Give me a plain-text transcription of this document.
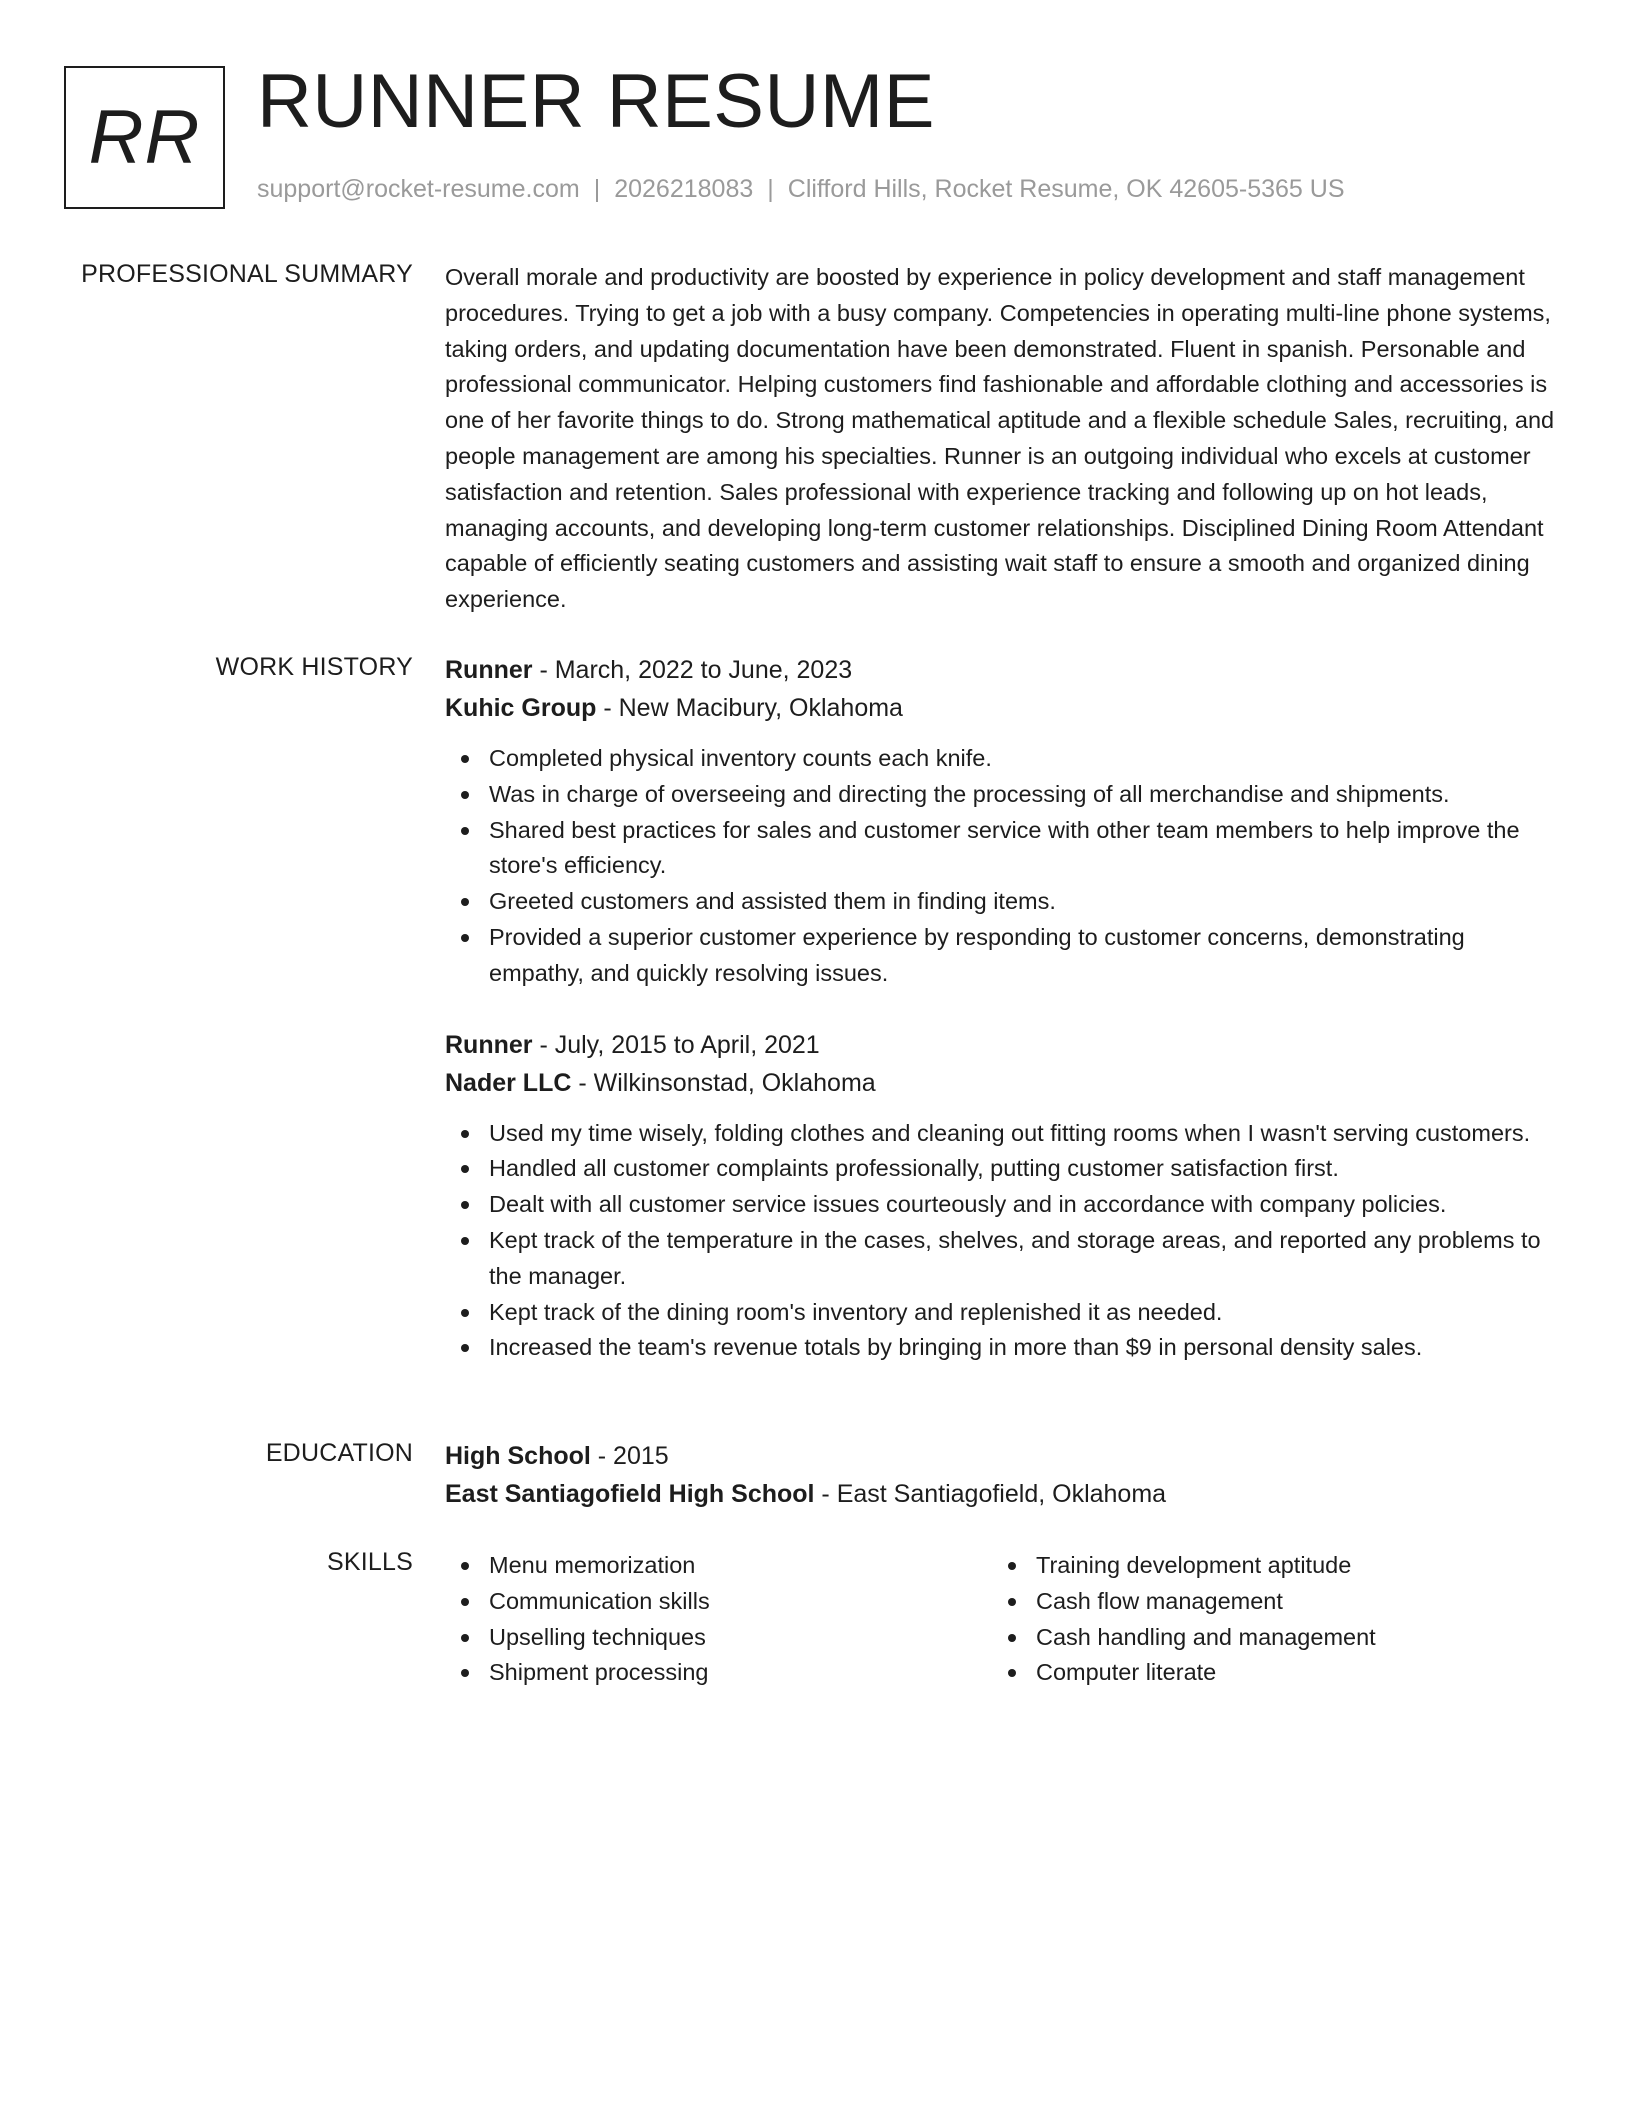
RR RUNNER RESUME
support@rocket-resume.com | 2026218083 | Clifford Hills, Rocket Resume, OK 42605-5365 US
PROFESSIONAL SUMMARY Overall morale and productivity are boosted by experience in policy development and staff management procedures. Trying to get a job with a busy company. Competencies in operating multi-line phone systems, taking orders, and updating documentation have been demonstrated. Fluent in spanish. Personable and professional communicator. Helping customers find fashionable and affordable clothing and accessories is one of her favorite things to do. Strong mathematical aptitude and a flexible schedule Sales, recruiting, and people management are among his specialties. Runner is an outgoing individual who excels at customer satisfaction and retention. Sales professional with experience tracking and following up on hot leads, managing accounts, and developing long-term customer relationships. Disciplined Dining Room Attendant capable of efficiently seating customers and assisting wait staff to ensure a smooth and organized dining experience.

WORK HISTORY Runner - March, 2022 to June, 2023
Kuhic Group - New Macibury, Oklahoma
Completed physical inventory counts each knife.
Was in charge of overseeing and directing the processing of all merchandise and shipments.
Shared best practices for sales and customer service with other team members to help improve the store's efficiency.
Greeted customers and assisted them in finding items.
Provided a superior customer experience by responding to customer concerns, demonstrating empathy, and quickly resolving issues.
Runner - July, 2015 to April, 2021
Nader LLC - Wilkinsonstad, Oklahoma
Used my time wisely, folding clothes and cleaning out fitting rooms when I wasn't serving customers.
Handled all customer complaints professionally, putting customer satisfaction first.
Dealt with all customer service issues courteously and in accordance with company policies.
Kept track of the temperature in the cases, shelves, and storage areas, and reported any problems to the manager.
Kept track of the dining room's inventory and replenished it as needed.
Increased the team's revenue totals by bringing in more than $9 in personal density sales.
EDUCATION High School - 2015
East Santiagofield High School - East Santiagofield, Oklahoma
SKILLS	Menu memorization
Communication skills
Upselling techniques
Shipment processing
Training development aptitude
Cash flow management
Cash handling and management
Computer literate
